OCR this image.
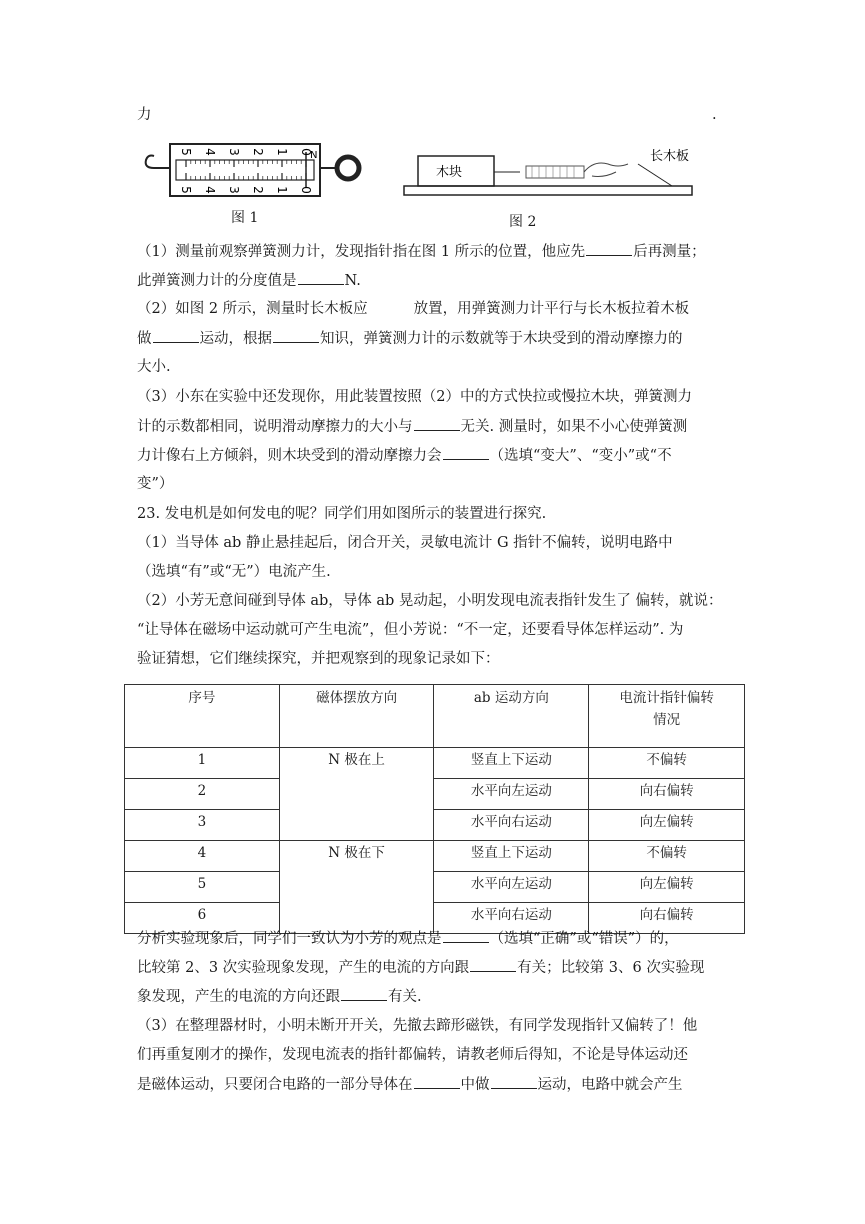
力	.
5 4 3 2 1 0
5 4 3 2 1 0
N
图 1
木块
长木板
图 2
（1）测量前观察弹簧测力计，发现指针指在图 1 所示的位置，他应先	后再测量；
此弹簧测力计的分度值是	N.
（2）如图 2 所示，测量时长木板应	放置，用弹簧测力计平行与长木板拉着木板
做	运动，根据	知识，弹簧测力计的示数就等于木块受到的滑动摩擦力的
大小.
（3）小东在实验中还发现你，用此装置按照（2）中的方式快拉或慢拉木块，弹簧测力
计的示数都相同，说明滑动摩擦力的大小与	无关. 测量时，如果不小心使弹簧测
力计像右上方倾斜，则木块受到的滑动摩擦力会	（选填“变大”、“变小”或“不
变”）
23. 发电机是如何发电的呢？同学们用如图所示的装置进行探究.
（1）当导体 ab 静止悬挂起后，闭合开关，灵敏电流计 G 指针不偏转，说明电路中
（选填“有”或“无”）电流产生.
（2）小芳无意间碰到导体 ab，导体 ab 晃动起，小明发现电流表指针发生了 偏转，就说：
“让导体在磁场中运动就可产生电流”，但小芳说：“不一定，还要看导体怎样运动”. 为
验证猜想，它们继续探究，并把观察到的现象记录如下：
序号	磁体摆放方向	ab 运动方向	电流计指针偏转
情况
1	N 极在上	竖直上下运动	不偏转
2		水平向左运动	向右偏转
3		水平向右运动	向左偏转
4	N 极在下	竖直上下运动	不偏转
5		水平向左运动	向左偏转
6		水平向右运动	向右偏转
分析实验现象后，同学们一致认为小芳的观点是	（选填“正确”或“错误”）的，
比较第 2、3 次实验现象发现，产生的电流的方向跟	有关；比较第 3、6 次实验现
象发现，产生的电流的方向还跟	有关.
（3）在整理器材时，小明未断开开关，先撤去蹄形磁铁，有同学发现指针又偏转了！他
们再重复刚才的操作，发现电流表的指针都偏转，请教老师后得知，不论是导体运动还
是磁体运动，只要闭合电路的一部分导体在	中做	运动，电路中就会产生
